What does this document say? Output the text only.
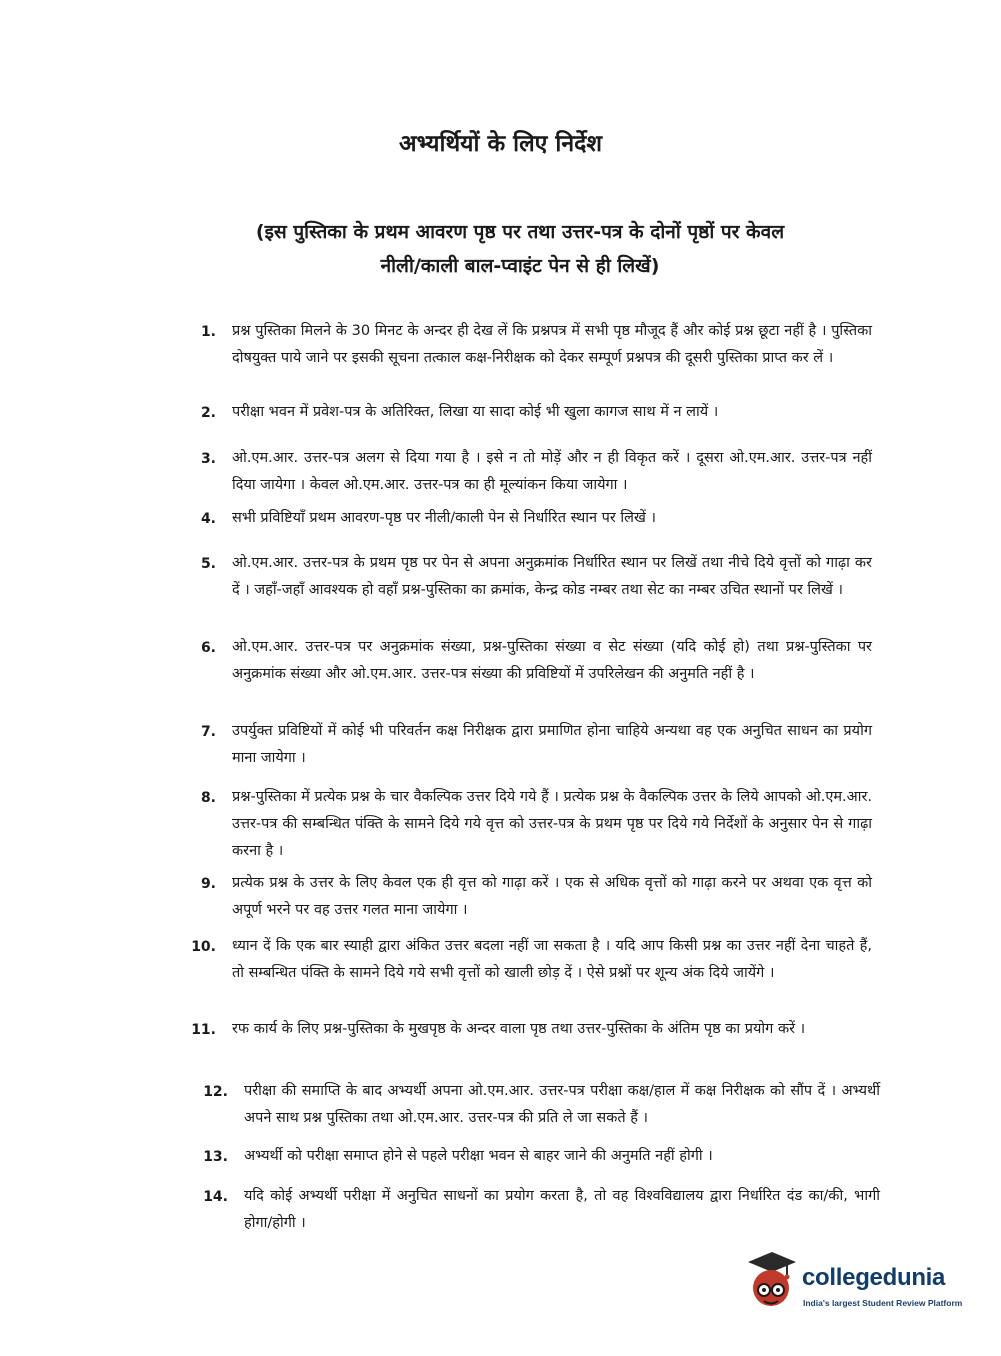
अभ्यर्थियों के लिए निर्देश
(इस पुस्तिका के प्रथम आवरण पृष्ठ पर तथा उत्तर-पत्र के दोनों पृष्ठों पर केवल
नीली/काली बाल-प्वाइंट पेन से ही लिखें)
1. प्रश्न पुस्तिका मिलने के 30 मिनट के अन्दर ही देख लें कि प्रश्नपत्र में सभी पृष्ठ मौजूद हैं और कोई प्रश्न छूटा नहीं है । पुस्तिका दोषयुक्त पाये जाने पर इसकी सूचना तत्काल कक्ष-निरीक्षक को देकर सम्पूर्ण प्रश्नपत्र की दूसरी पुस्तिका प्राप्त कर लें ।
2. परीक्षा भवन में प्रवेश-पत्र के अतिरिक्त, लिखा या सादा कोई भी खुला कागज साथ में न लायें ।
3. ओ.एम.आर. उत्तर-पत्र अलग से दिया गया है । इसे न तो मोड़ें और न ही विकृत करें । दूसरा ओ.एम.आर. उत्तर-पत्र नहीं दिया जायेगा । केवल ओ.एम.आर. उत्तर-पत्र का ही मूल्यांकन किया जायेगा ।
4. सभी प्रविष्टियाँ प्रथम आवरण-पृष्ठ पर नीली/काली पेन से निर्धारित स्थान पर लिखें ।
5. ओ.एम.आर. उत्तर-पत्र के प्रथम पृष्ठ पर पेन से अपना अनुक्रमांक निर्धारित स्थान पर लिखें तथा नीचे दिये वृत्तों को गाढ़ा कर दें । जहाँ-जहाँ आवश्यक हो वहाँ प्रश्न-पुस्तिका का क्रमांक, केन्द्र कोड नम्बर तथा सेट का नम्बर उचित स्थानों पर लिखें ।
6. ओ.एम.आर. उत्तर-पत्र पर अनुक्रमांक संख्या, प्रश्न-पुस्तिका संख्या व सेट संख्या (यदि कोई हो) तथा प्रश्न-पुस्तिका पर अनुक्रमांक संख्या और ओ.एम.आर. उत्तर-पत्र संख्या की प्रविष्टियों में उपरिलेखन की अनुमति नहीं है ।
7. उपर्युक्त प्रविष्टियों में कोई भी परिवर्तन कक्ष निरीक्षक द्वारा प्रमाणित होना चाहिये अन्यथा वह एक अनुचित साधन का प्रयोग माना जायेगा ।
8. प्रश्न-पुस्तिका में प्रत्येक प्रश्न के चार वैकल्पिक उत्तर दिये गये हैं । प्रत्येक प्रश्न के वैकल्पिक उत्तर के लिये आपको ओ.एम.आर. उत्तर-पत्र की सम्बन्धित पंक्ति के सामने दिये गये वृत्त को उत्तर-पत्र के प्रथम पृष्ठ पर दिये गये निर्देशों के अनुसार पेन से गाढ़ा करना है ।
9. प्रत्येक प्रश्न के उत्तर के लिए केवल एक ही वृत्त को गाढ़ा करें । एक से अधिक वृत्तों को गाढ़ा करने पर अथवा एक वृत्त को अपूर्ण भरने पर वह उत्तर गलत माना जायेगा ।
10. ध्यान दें कि एक बार स्याही द्वारा अंकित उत्तर बदला नहीं जा सकता है । यदि आप किसी प्रश्न का उत्तर नहीं देना चाहते हैं, तो सम्बन्धित पंक्ति के सामने दिये गये सभी वृत्तों को खाली छोड़ दें । ऐसे प्रश्नों पर शून्य अंक दिये जायेंगे ।
11. रफ कार्य के लिए प्रश्न-पुस्तिका के मुखपृष्ठ के अन्दर वाला पृष्ठ तथा उत्तर-पुस्तिका के अंतिम पृष्ठ का प्रयोग करें ।
12. परीक्षा की समाप्ति के बाद अभ्यर्थी अपना ओ.एम.आर. उत्तर-पत्र परीक्षा कक्ष/हाल में कक्ष निरीक्षक को सौंप दें । अभ्यर्थी अपने साथ प्रश्न पुस्तिका तथा ओ.एम.आर. उत्तर-पत्र की प्रति ले जा सकते हैं ।
13. अभ्यर्थी को परीक्षा समाप्त होने से पहले परीक्षा भवन से बाहर जाने की अनुमति नहीं होगी ।
14. यदि कोई अभ्यर्थी परीक्षा में अनुचित साधनों का प्रयोग करता है, तो वह विश्वविद्यालय द्वारा निर्धारित दंड का/की, भागी होगा/होगी ।
collegedunia
India's largest Student Review Platform
